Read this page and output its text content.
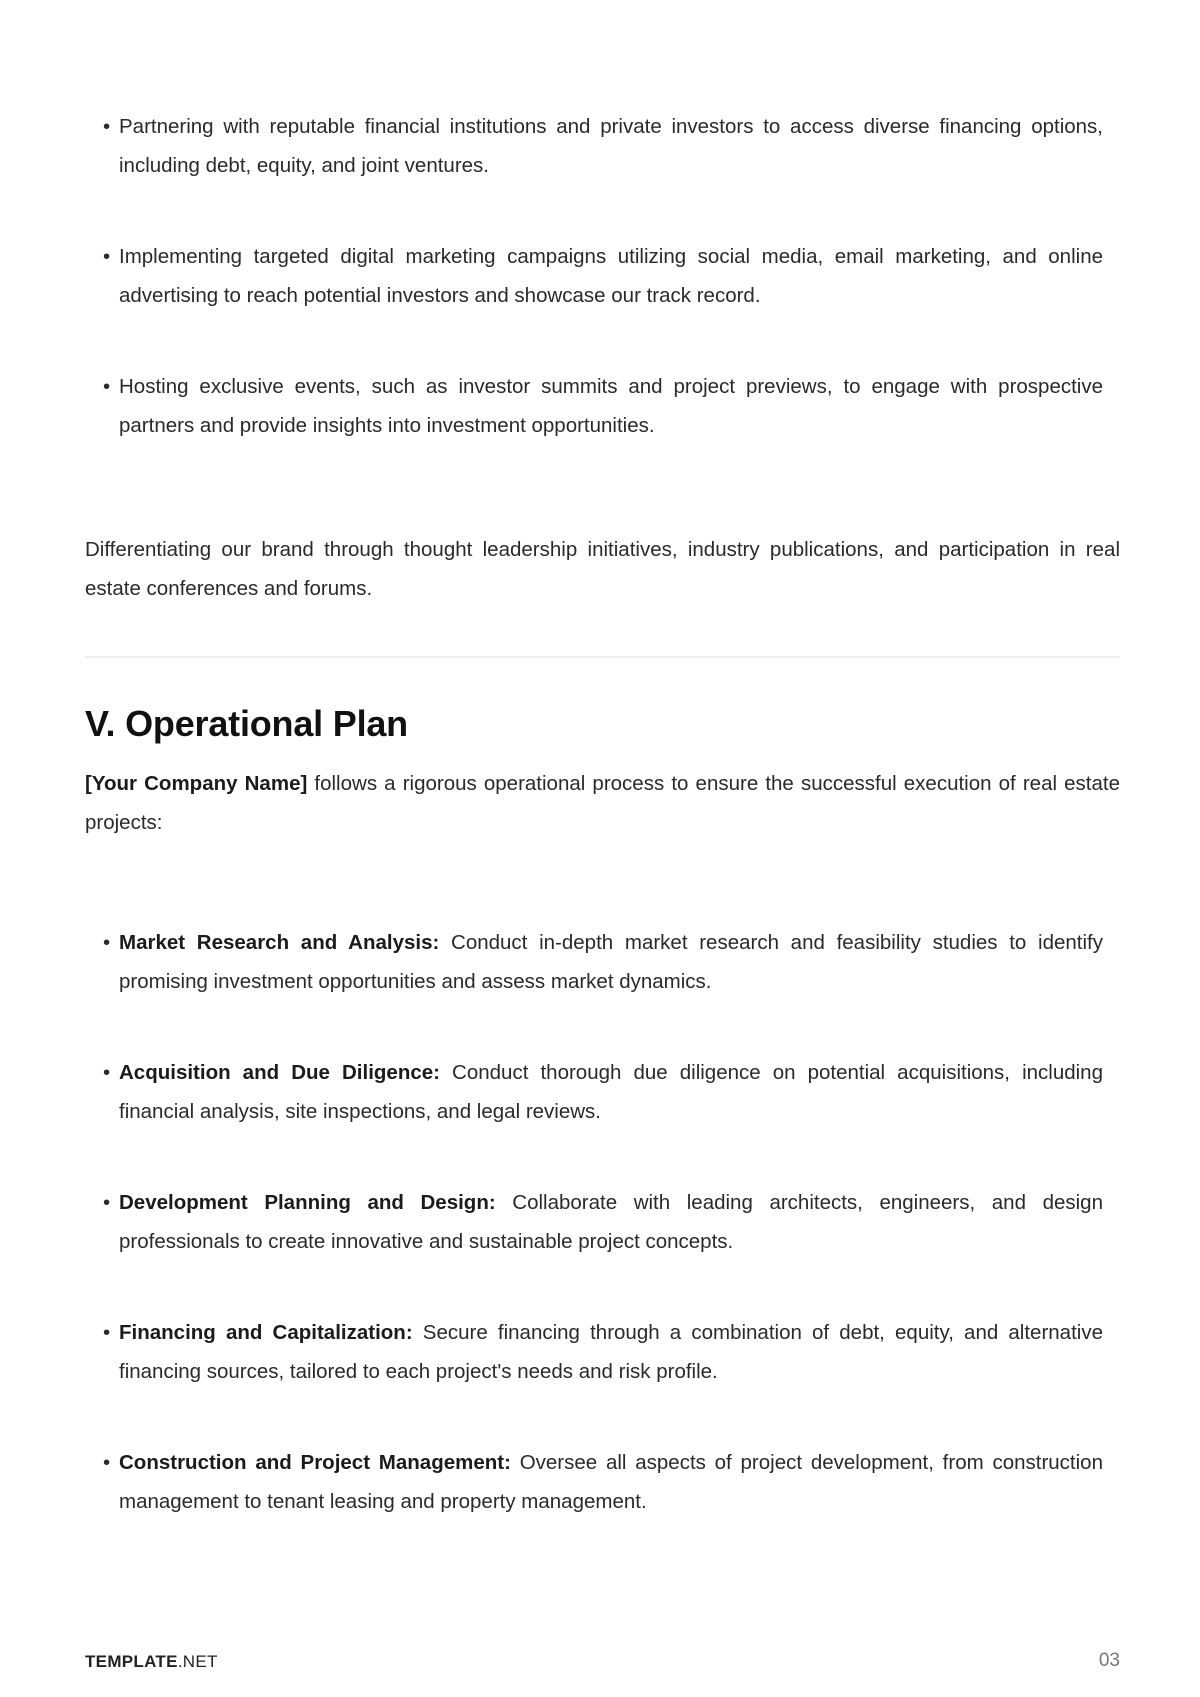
• Partnering with reputable financial institutions and private investors to access diverse financing options, including debt, equity, and joint ventures.
• Implementing targeted digital marketing campaigns utilizing social media, email marketing, and online advertising to reach potential investors and showcase our track record.
• Hosting exclusive events, such as investor summits and project previews, to engage with prospective partners and provide insights into investment opportunities.

Differentiating our brand through thought leadership initiatives, industry publications, and participation in real estate conferences and forums.

V. Operational Plan

[Your Company Name] follows a rigorous operational process to ensure the successful execution of real estate projects:

• Market Research and Analysis: Conduct in-depth market research and feasibility studies to identify promising investment opportunities and assess market dynamics.
• Acquisition and Due Diligence: Conduct thorough due diligence on potential acquisitions, including financial analysis, site inspections, and legal reviews.
• Development Planning and Design: Collaborate with leading architects, engineers, and design professionals to create innovative and sustainable project concepts.
• Financing and Capitalization: Secure financing through a combination of debt, equity, and alternative financing sources, tailored to each project's needs and risk profile.
• Construction and Project Management: Oversee all aspects of project development, from construction management to tenant leasing and property management.
TEMPLATE.NET	03
